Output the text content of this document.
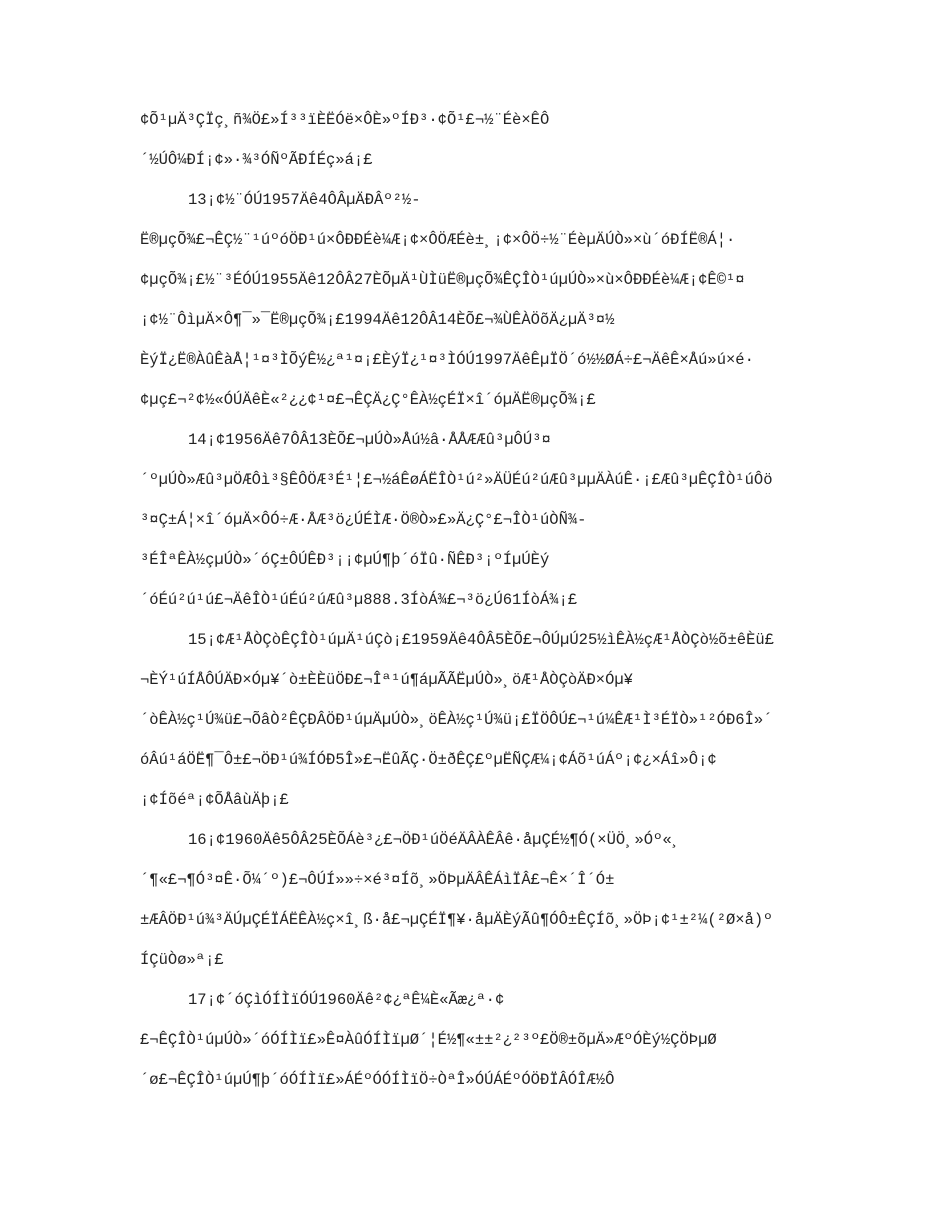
¢Õ¹µÄ³ÇÏç¸ñ¾Ö£»Í³³ïÈËÓë×ÔÈ»ºÍÐ³·¢Õ¹£¬½¨Éè×ÊÔ
´½ÚÔ¼ÐÍ¡¢»·¾³ÓÑºÃÐÍÉç»á¡£
13¡¢½¨ÓÚ1957Äê4ÔÂµÄÐÂº²½-
Ë®µçÕ¾£¬ÊÇ½¨¹úºóÖÐ¹ú×ÔÐÐÉè¼Æ¡¢×ÔÖÆÉè±¸¡¢×ÔÖ÷½¨ÉèµÄÚÒ»×ù´óÐÍË®Á¦·
¢µçÕ¾¡£½¨³ÉÓÚ1955Äê12ÔÂ27ÈÕµÄ¹ÙÌüË®µçÕ¾ÊÇÎÒ¹úµÚÒ»×ù×ÔÐÐÉè¼Æ¡¢Ê©¹¤
¡¢½¨ÔìµÄ×Ô¶¯»¯Ë®µçÕ¾¡£1994Äê12ÔÂ14ÈÕ£¬¾ÙÊÀÖõÄ¿µÄ³¤½
ÈýÏ¿Ë®ÀûÊàÅ¦¹¤³ÌÕýÊ½¿ª¹¤¡£ÈýÏ¿¹¤³ÌÓÚ1997ÄêÊµÏÖ´ó½½ØÁ÷£¬ÄêÊ×Åú»ú×é·
¢µç£¬²¢½«ÓÚÄêÈ«²¿¿¢¹¤£¬ÊÇÄ¿Ç°ÊÀ½çÉÏ×î´óµÄË®µçÕ¾¡£
14¡¢1956Äê7ÔÂ13ÈÕ£¬µÚÒ»Åú½â·ÅÅÆÆû³µÔÚ³¤
´ºµÚÒ»Æû³µÖÆÔì³§ÊÔÖÆ³É¹¦£¬½áÊøÁËÎÒ¹ú²»ÄÜÉú²úÆû³µµÄÀúÊ·¡£Æû³µÊÇÎÒ¹úÔö
³¤Ç±Á¦×î´óµÄ×ÔÓ÷Æ·ÅÆ³ö¿ÚÉÌÆ·Ö®Ò»£»Ä¿Ç°£¬ÎÒ¹úÒÑ¾-
³ÉÎªÊÀ½çµÚÒ»´óÇ±ÔÚÊÐ³¡¡¢µÚ¶þ´óÏû·ÑÊÐ³¡ºÍµÚÈý
´óÉú²ú¹ú£¬ÄêÎÒ¹úÉú²úÆû³µ888.3ÍòÁ¾£¬³ö¿Ú61ÍòÁ¾¡£
15¡¢Æ¹ÅÒÇòÊÇÎÒ¹úµÄ¹úÇò¡£1959Äê4ÔÂ5ÈÕ£¬ÔÚµÚ25½ìÊÀ½çÆ¹ÅÒÇò½õ±êÈü£
¬ÈÝ¹úÍÅÔÚÄÐ×Óµ¥´ò±ÈÈüÖÐ£¬Îª¹ú¶áµÃÃËµÚÒ»¸öÆ¹ÅÒÇòÄÐ×Óµ¥
´òÊÀ½ç¹Ú¾ü£¬ÕâÒ²ÊÇÐÂÖÐ¹úµÄµÚÒ»¸öÊÀ½ç¹Ú¾ü¡£ÏÖÔÚ£¬¹ú¼ÊÆ¹Ì³ÉÏÒ»¹²ÓÐ6Î»´
óÂú¹áÖË¶¯Ô±£¬ÖÐ¹ú¾ÍÓÐ5Î»£¬ËûÃÇ·Ö±ðÊÇ£ºµËÑÇÆ¼¡¢Áõ¹úÁº¡¢¿×Áî»Ô¡¢
¡¢Íõéª¡¢ÕÅâùÄþ¡£
16¡¢1960Äê5ÔÂ25ÈÕÁè³¿£¬ÖÐ¹úÖéÄÂÀÊÂê·åµÇÉ½¶Ó(×ÜÖ¸»Óº«¸
´¶«£¬¶Ó³¤Ê·Õ¼´º)£¬ÔÚÍ»»÷×é³¤Íõ¸»ÖÞµÄÂÊÁìÏÂ£¬Ê×´Î´Ó±
±ÆÂÖÐ¹ú¾³ÄÚµÇÉÏÁËÊÀ½ç×î¸ß·å£¬µÇÉÏ¶¥·åµÄÈýÃû¶ÓÔ±ÊÇÍõ¸»ÖÞ¡¢¹±²¼(²Ø×å)º
ÍÇüÒø»ª¡£
17¡¢´óÇìÓÍÌïÓÚ1960Äê²¢¿ªÊ¼È«Ãæ¿ª·¢
£¬ÊÇÎÒ¹úµÚÒ»´óÓÍÌï£»Ê¤ÀûÓÍÌïµØ´¦É½¶«±±²¿²³º£Ö®±õµÄ»ÆºÓÈý½ÇÖÞµØ
´ø£¬ÊÇÎÒ¹úµÚ¶þ´óÓÍÌï£»ÁÉºÓÓÍÌïÖ÷ÒªÎ»ÓÚÁÉºÓÖÐÏÂÓÎÆ½Ô
